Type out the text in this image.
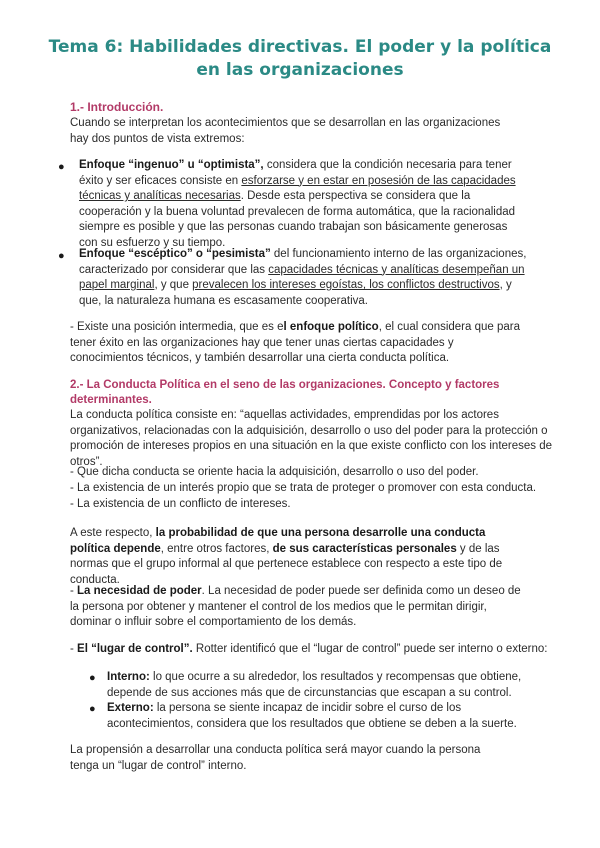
Tema 6: Habilidades directivas. El poder y la política en las organizaciones
1.- Introducción.

Cuando se interpretan los acontecimientos que se desarrollan en las organizaciones hay dos puntos de vista extremos:

● Enfoque “ingenuo” u “optimista”, considera que la condición necesaria para tener éxito y ser eficaces consiste en esforzarse y en estar en posesión de las capacidades técnicas y analíticas necesarias. Desde esta perspectiva se considera que la cooperación y la buena voluntad prevalecen de forma automática, que la racionalidad siempre es posible y que las personas cuando trabajan son básicamente generosas con su esfuerzo y su tiempo.

● Enfoque “escéptico” o “pesimista” del funcionamiento interno de las organizaciones, caracterizado por considerar que las capacidades técnicas y analíticas desempeñan un papel marginal, y que prevalecen los intereses egoístas, los conflictos destructivos, y que, la naturaleza humana es escasamente cooperativa.

- Existe una posición intermedia, que es el enfoque político, el cual considera que para tener éxito en las organizaciones hay que tener unas ciertas capacidades y conocimientos técnicos, y también desarrollar una cierta conducta política.

2.- La Conducta Política en el seno de las organizaciones. Concepto y factores determinantes.

La conducta política consiste en: “aquellas actividades, emprendidas por los actores organizativos, relacionadas con la adquisición, desarrollo o uso del poder para la protección o promoción de intereses propios en una situación en la que existe conflicto con los intereses de otros”.

- Que dicha conducta se oriente hacia la adquisición, desarrollo o uso del poder.

- La existencia de un interés propio que se trata de proteger o promover con esta conducta.

- La existencia de un conflicto de intereses.

A este respecto, la probabilidad de que una persona desarrolle una conducta política depende, entre otros factores, de sus características personales y de las normas que el grupo informal al que pertenece establece con respecto a este tipo de conducta.

- La necesidad de poder. La necesidad de poder puede ser definida como un deseo de la persona por obtener y mantener el control de los medios que le permitan dirigir, dominar o influir sobre el comportamiento de los demás.

- El “lugar de control”. Rotter identificó que el “lugar de control” puede ser interno o externo:

● Interno: lo que ocurre a su alrededor, los resultados y recompensas que obtiene, depende de sus acciones más que de circunstancias que escapan a su control.

● Externo: la persona se siente incapaz de incidir sobre el curso de los acontecimientos, considera que los resultados que obtiene se deben a la suerte.

La propensión a desarrollar una conducta política será mayor cuando la persona tenga un “lugar de control” interno.
